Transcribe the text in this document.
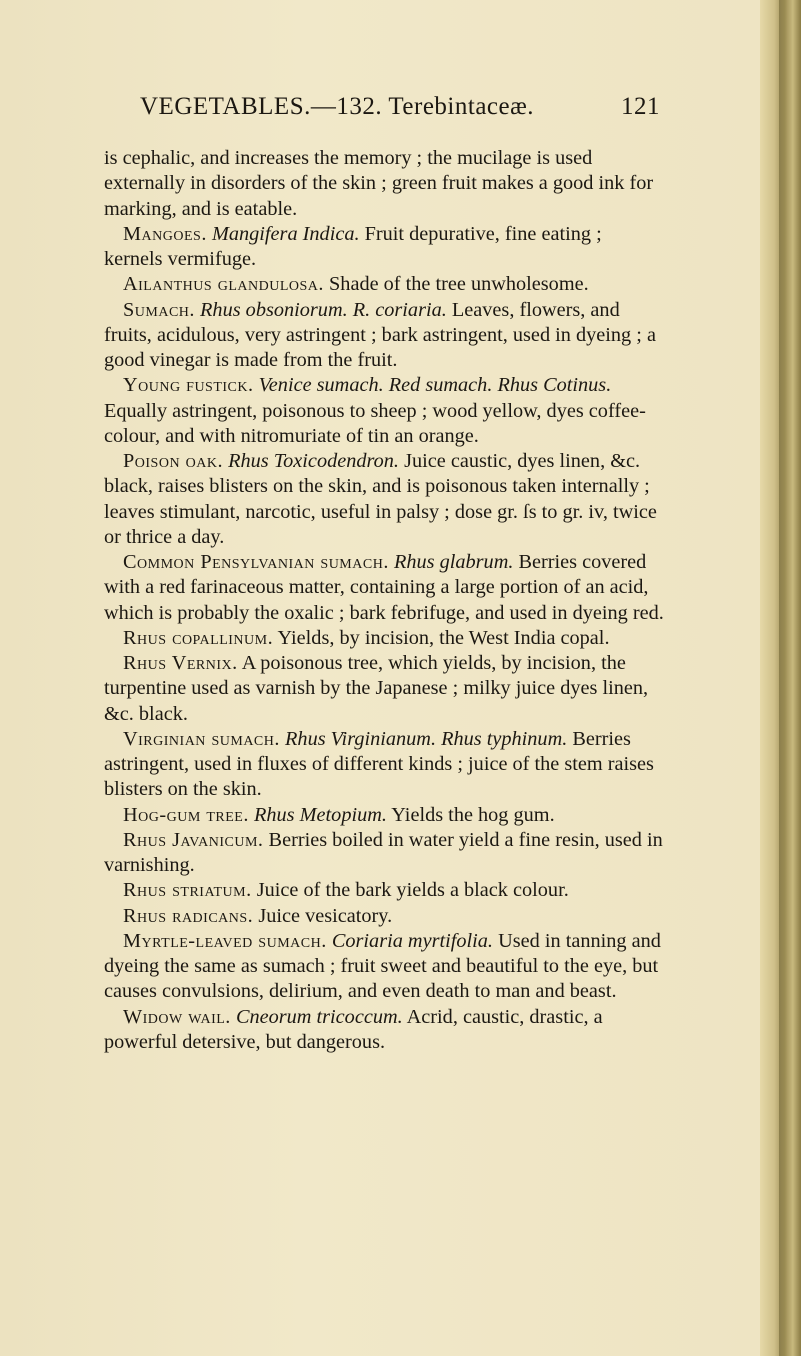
VEGETABLES.—132. Terebintaceæ.	121

is cephalic, and increases the memory ; the mucilage is used externally in disorders of the skin ; green fruit makes a good ink for marking, and is eatable.

Mangoes. Mangifera Indica. Fruit depurative, fine eating ; kernels vermifuge.

Ailanthus glandulosa. Shade of the tree unwholesome.

Sumach. Rhus obsoniorum. R. coriaria. Leaves, flowers, and fruits, acidulous, very astringent ; bark astringent, used in dyeing ; a good vinegar is made from the fruit.

Young fustick. Venice sumach. Red sumach. Rhus Cotinus. Equally astringent, poisonous to sheep ; wood yellow, dyes coffee-colour, and with nitromuriate of tin an orange.

Poison oak. Rhus Toxicodendron. Juice caustic, dyes linen, &c. black, raises blisters on the skin, and is poisonous taken internally ; leaves stimulant, narcotic, useful in palsy ; dose gr. ſs to gr. iv, twice or thrice a day.

Common Pensylvanian sumach. Rhus glabrum. Berries covered with a red farinaceous matter, containing a large portion of an acid, which is probably the oxalic ; bark febrifuge, and used in dyeing red.

Rhus copallinum. Yields, by incision, the West India copal.

Rhus Vernix. A poisonous tree, which yields, by incision, the turpentine used as varnish by the Japanese ; milky juice dyes linen, &c. black.

Virginian sumach. Rhus Virginianum. Rhus typhinum. Berries astringent, used in fluxes of different kinds ; juice of the stem raises blisters on the skin.

Hog-gum tree. Rhus Metopium. Yields the hog gum.

Rhus Javanicum. Berries boiled in water yield a fine resin, used in varnishing.

Rhus striatum. Juice of the bark yields a black colour.

Rhus radicans. Juice vesicatory.

Myrtle-leaved sumach. Coriaria myrtifolia. Used in tanning and dyeing the same as sumach ; fruit sweet and beautiful to the eye, but causes convulsions, delirium, and even death to man and beast.

Widow wail. Cneorum tricoccum. Acrid, caustic, drastic, a powerful detersive, but dangerous.
